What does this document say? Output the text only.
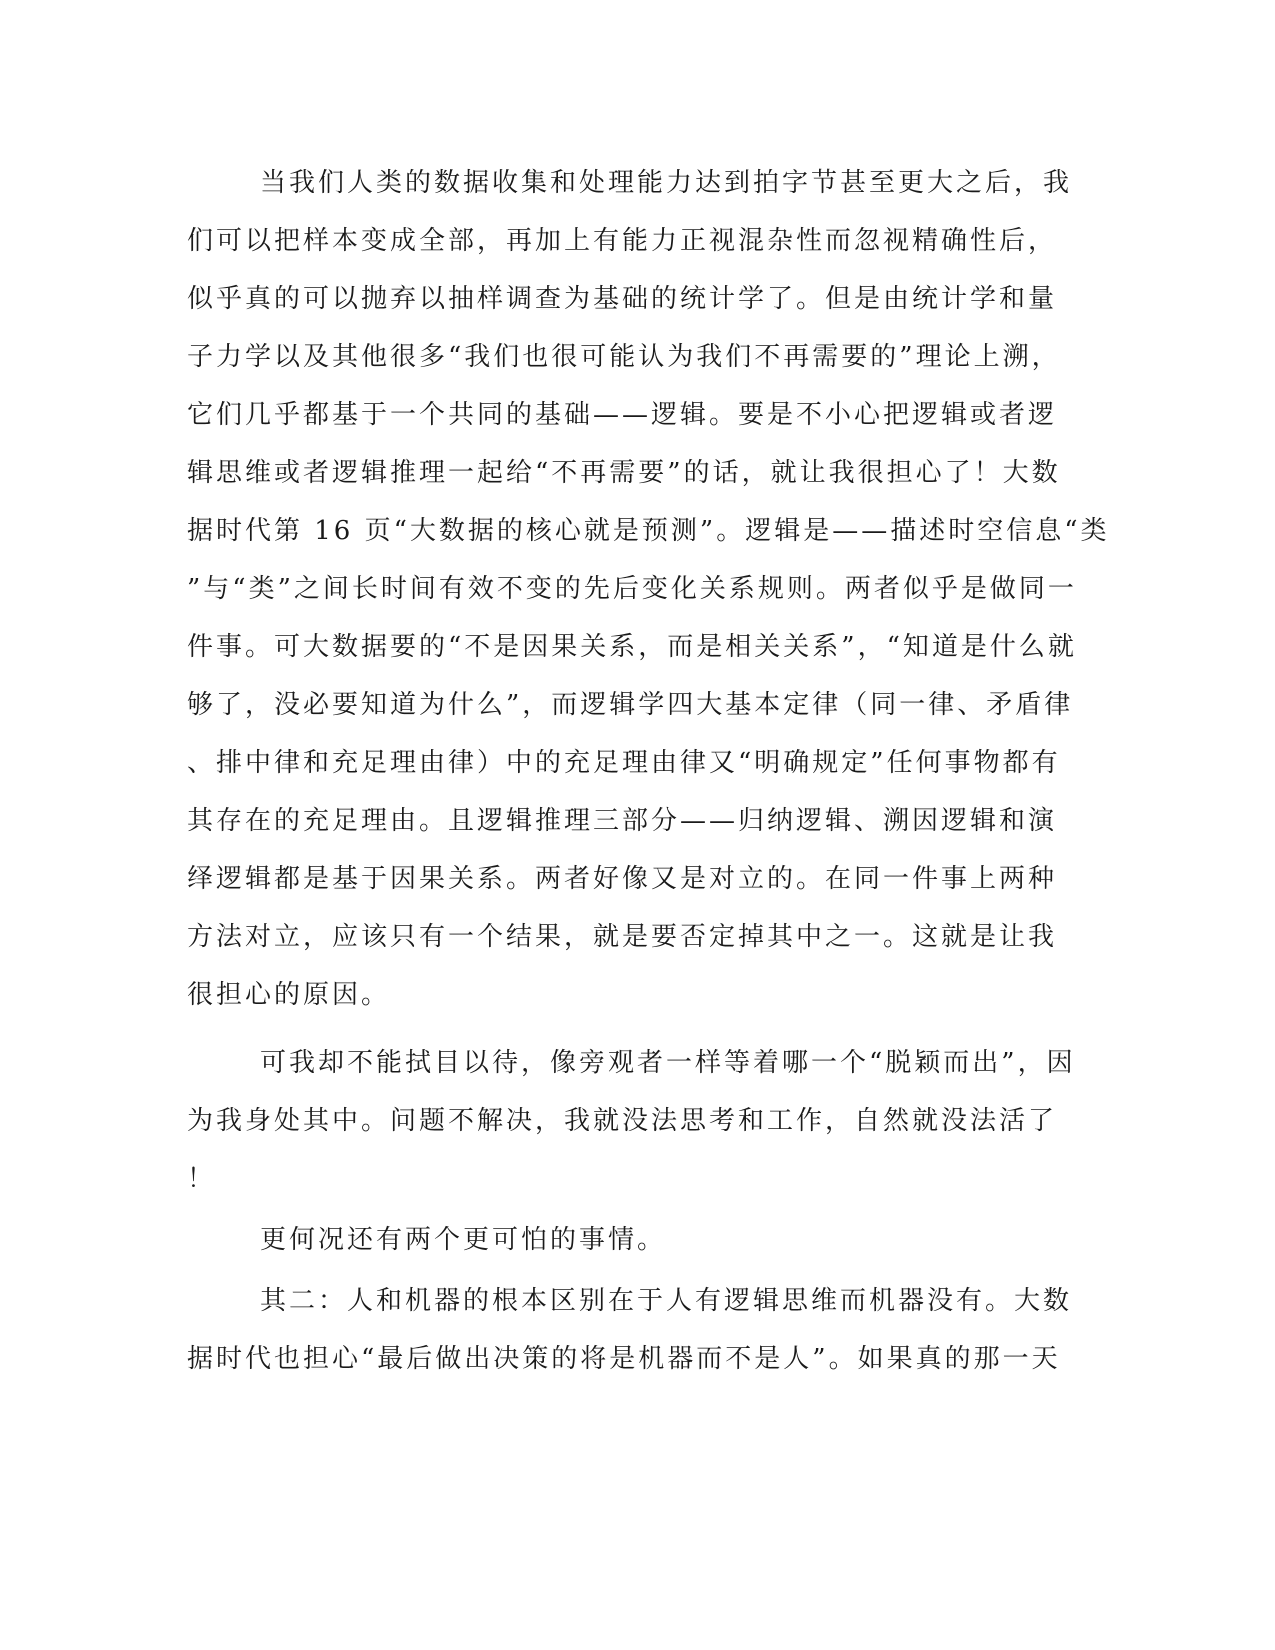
当我们人类的数据收集和处理能力达到拍字节甚至更大之后，我
们可以把样本变成全部，再加上有能力正视混杂性而忽视精确性后，
似乎真的可以抛弃以抽样调查为基础的统计学了。但是由统计学和量
子力学以及其他很多“我们也很可能认为我们不再需要的”理论上溯，
它们几乎都基于一个共同的基础——逻辑。要是不小心把逻辑或者逻
辑思维或者逻辑推理一起给“不再需要”的话，就让我很担心了！大数
据时代第 16 页“大数据的核心就是预测”。逻辑是——描述时空信息“类
”与“类”之间长时间有效不变的先后变化关系规则。两者似乎是做同一
件事。可大数据要的“不是因果关系，而是相关关系”，“知道是什么就
够了，没必要知道为什么”，而逻辑学四大基本定律（同一律、矛盾律
、排中律和充足理由律）中的充足理由律又“明确规定”任何事物都有
其存在的充足理由。且逻辑推理三部分——归纳逻辑、溯因逻辑和演
绎逻辑都是基于因果关系。两者好像又是对立的。在同一件事上两种
方法对立，应该只有一个结果，就是要否定掉其中之一。这就是让我
很担心的原因。
可我却不能拭目以待，像旁观者一样等着哪一个“脱颖而出”，因
为我身处其中。问题不解决，我就没法思考和工作，自然就没法活了
！
更何况还有两个更可怕的事情。
其二：人和机器的根本区别在于人有逻辑思维而机器没有。大数
据时代也担心“最后做出决策的将是机器而不是人”。如果真的那一天
